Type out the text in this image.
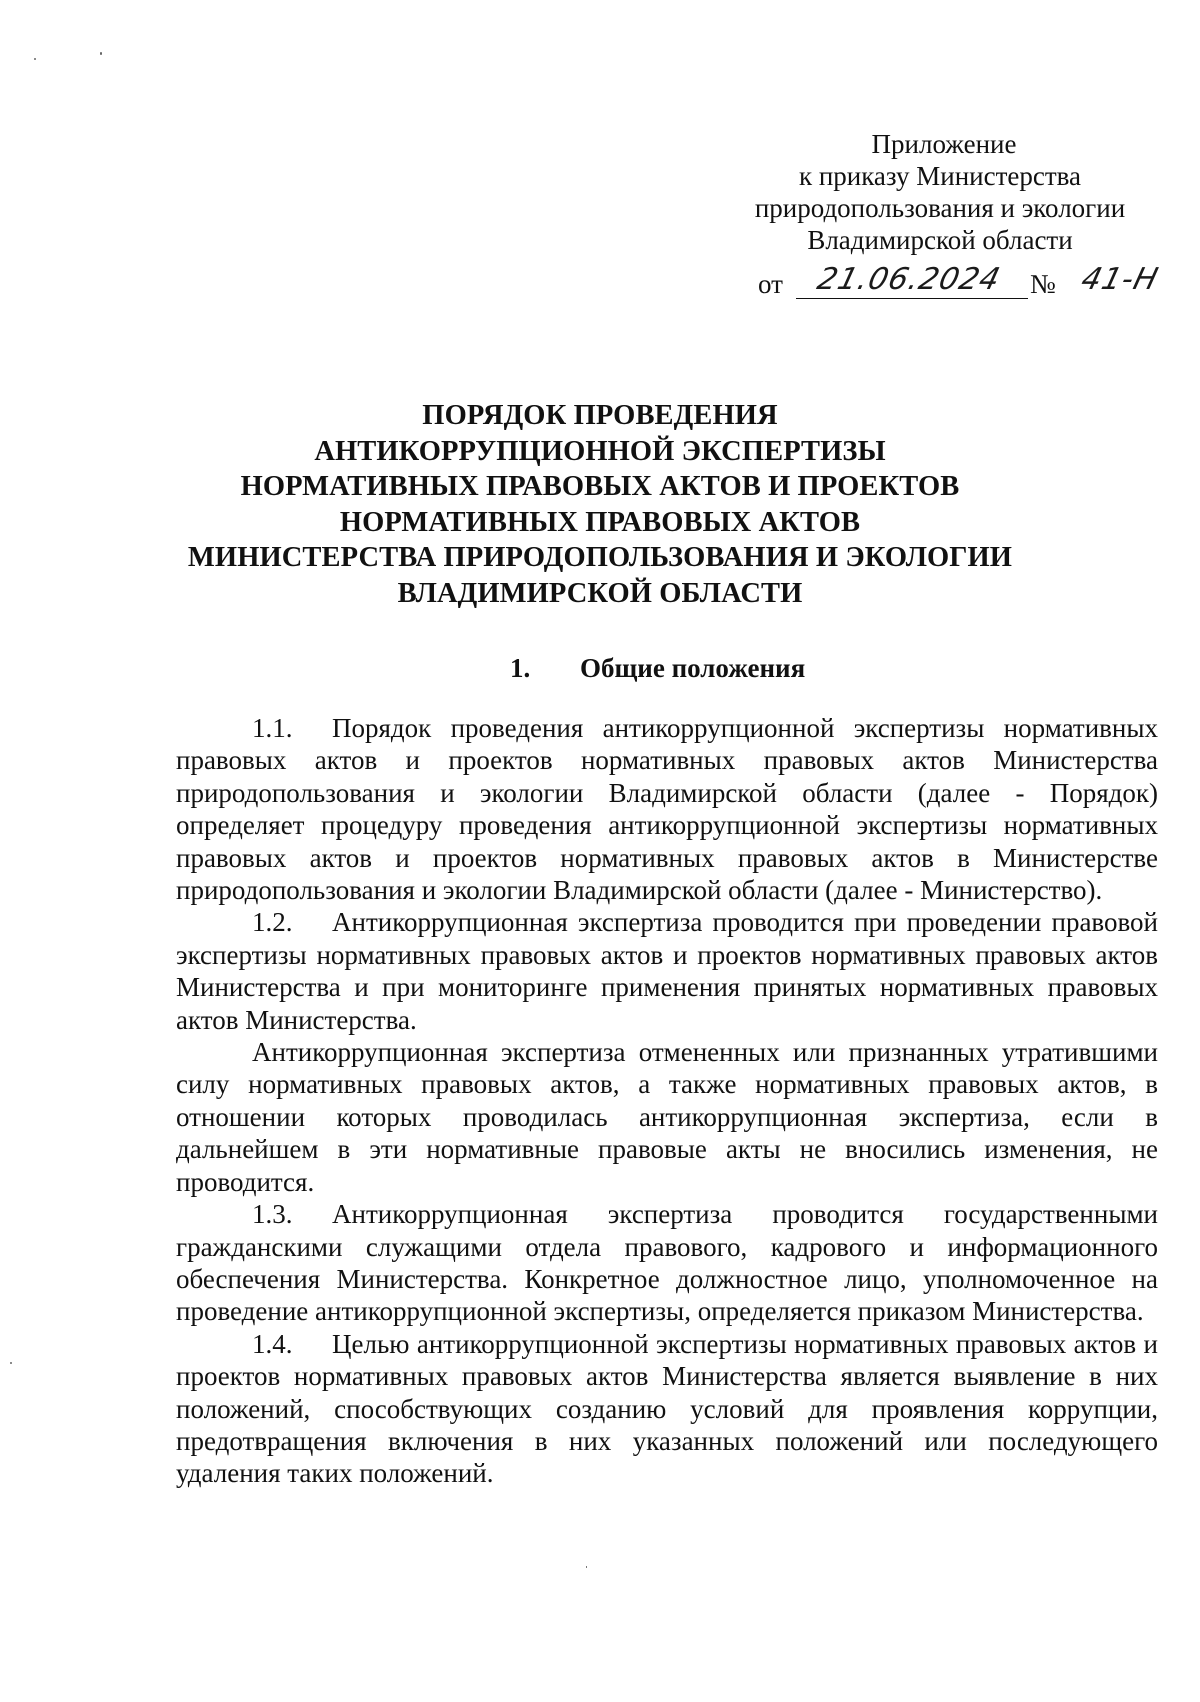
Приложение
к приказу Министерства
природопользования и экологии
Владимирской области
от 21.06.2024 № 41-Н
ПОРЯДОК ПРОВЕДЕНИЯ
АНТИКОРРУПЦИОННОЙ ЭКСПЕРТИЗЫ
НОРМАТИВНЫХ ПРАВОВЫХ АКТОВ И ПРОЕКТОВ
НОРМАТИВНЫХ ПРАВОВЫХ АКТОВ
МИНИСТЕРСТВА ПРИРОДОПОЛЬЗОВАНИЯ И ЭКОЛОГИИ
ВЛАДИМИРСКОЙ ОБЛАСТИ
1. Общие положения

1.1. Порядок проведения антикоррупционной экспертизы нормативных правовых актов и проектов нормативных правовых актов Министерства природопользования и экологии Владимирской области (далее - Порядок) определяет процедуру проведения антикоррупционной экспертизы нормативных правовых актов и проектов нормативных правовых актов в Министерстве природопользования и экологии Владимирской области (далее - Министерство).

1.2. Антикоррупционная экспертиза проводится при проведении правовой экспертизы нормативных правовых актов и проектов нормативных правовых актов Министерства и при мониторинге применения принятых нормативных правовых актов Министерства.

Антикоррупционная экспертиза отмененных или признанных утратившими силу нормативных правовых актов, а также нормативных правовых актов, в отношении которых проводилась антикоррупционная экспертиза, если в дальнейшем в эти нормативные правовые акты не вносились изменения, не проводится.

1.3. Антикоррупционная экспертиза проводится государственными гражданскими служащими отдела правового, кадрового и информационного обеспечения Министерства. Конкретное должностное лицо, уполномоченное на проведение антикоррупционной экспертизы, определяется приказом Министерства.

1.4. Целью антикоррупционной экспертизы нормативных правовых актов и проектов нормативных правовых актов Министерства является выявление в них положений, способствующих созданию условий для проявления коррупции, предотвращения включения в них указанных положений или последующего удаления таких положений.
